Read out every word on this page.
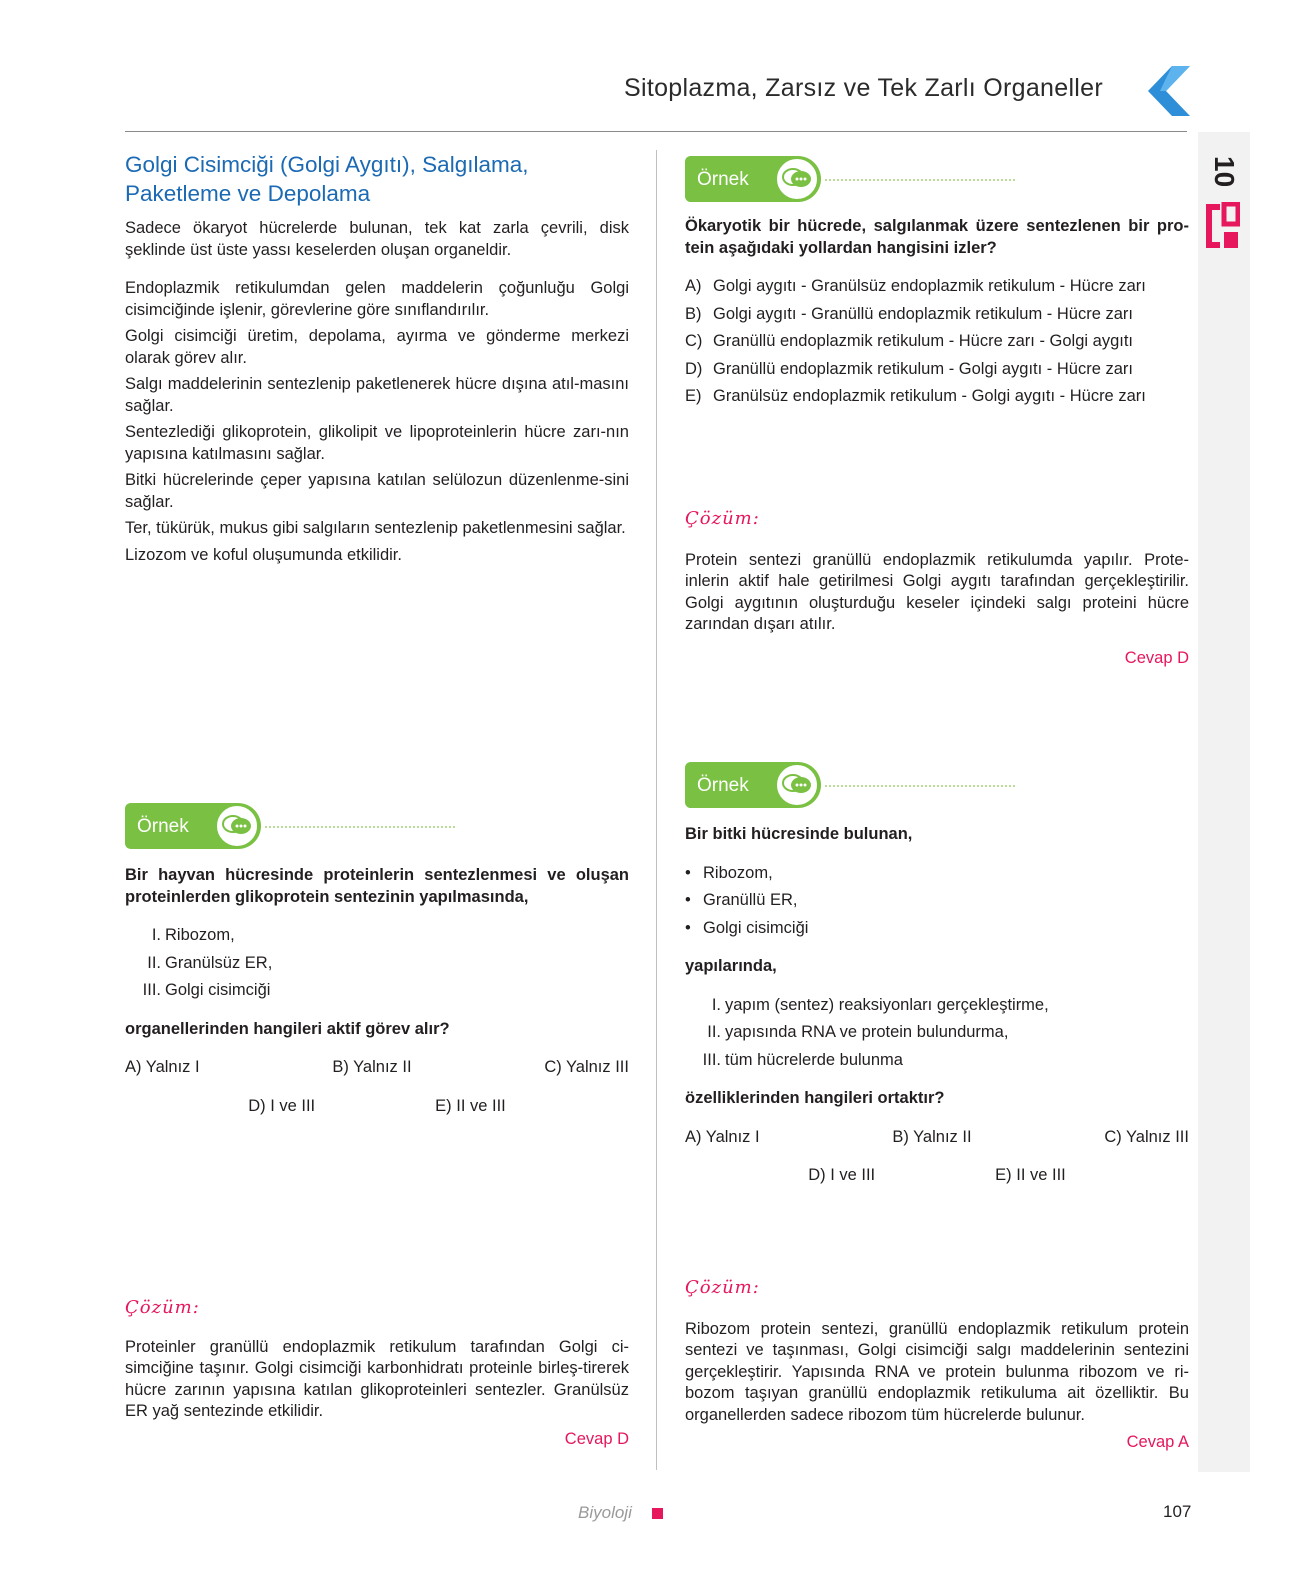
Sitoplazma, Zarsız ve Tek Zarlı Organeller
10
Golgi Cisimciği (Golgi Aygıtı), Salgılama,
Paketleme ve Depolama

Sadece ökaryot hücrelerde bulunan, tek kat zarla çevrili, disk şeklinde üst üste yassı keselerden oluşan organeldir.

Endoplazmik retikulumdan gelen maddelerin çoğunluğu Golgi cisimciğinde işlenir, görevlerine göre sınıflandırılır.

Golgi cisimciği üretim, depolama, ayırma ve gönderme merkezi olarak görev alır.

Salgı maddelerinin sentezlenip paketlenerek hücre dışına atıl-masını sağlar.

Sentezlediği glikoprotein, glikolipit ve lipoproteinlerin hücre zarı-nın yapısına katılmasını sağlar.

Bitki hücrelerinde çeper yapısına katılan selülozun düzenlenme-sini sağlar.

Ter, tükürük, mukus gibi salgıların sentezlenip paketlenmesini sağlar.

Lizozom ve koful oluşumunda etkilidir.

Örnek

Bir hayvan hücresinde proteinlerin sentezlenmesi ve oluşan proteinlerden glikoprotein sentezinin yapılmasında,

I. Ribozom,
II. Granülsüz ER,
III. Golgi cisimciği

organellerinden hangileri aktif görev alır?

A) Yalnız I	B) Yalnız II	C) Yalnız III
D) I ve III	E) II ve III
Çözüm:

Proteinler granüllü endoplazmik retikulum tarafından Golgi ci-simciğine taşınır. Golgi cisimciği karbonhidratı proteinle birleş-tirerek hücre zarının yapısına katılan glikoproteinleri sentezler. Granülsüz ER yağ sentezinde etkilidir.

Cevap D
Örnek

Ökaryotik bir hücrede, salgılanmak üzere sentezlenen bir pro-tein aşağıdaki yollardan hangisini izler?

A) Golgi aygıtı - Granülsüz endoplazmik retikulum - Hücre zarı
B) Golgi aygıtı - Granüllü endoplazmik retikulum - Hücre zarı
C) Granüllü endoplazmik retikulum - Hücre zarı - Golgi aygıtı
D) Granüllü endoplazmik retikulum - Golgi aygıtı - Hücre zarı
E) Granülsüz endoplazmik retikulum - Golgi aygıtı - Hücre zarı
Çözüm:

Protein sentezi granüllü endoplazmik retikulumda yapılır. Prote-inlerin aktif hale getirilmesi Golgi aygıtı tarafından gerçekleştirilir. Golgi aygıtının oluşturduğu keseler içindeki salgı proteini hücre zarından dışarı atılır.

Cevap D
Örnek

Bir bitki hücresinde bulunan,

• Ribozom,
• Granüllü ER,
• Golgi cisimciği

yapılarında,

I. yapım (sentez) reaksiyonları gerçekleştirme,
II. yapısında RNA ve protein bulundurma,
III. tüm hücrelerde bulunma

özelliklerinden hangileri ortaktır?

A) Yalnız I	B) Yalnız II	C) Yalnız III
D) I ve III	E) II ve III
Çözüm:

Ribozom protein sentezi, granüllü endoplazmik retikulum protein sentezi ve taşınması, Golgi cisimciği salgı maddelerinin sentezini gerçekleştirir. Yapısında RNA ve protein bulunma ribozom ve ri-bozom taşıyan granüllü endoplazmik retikuluma ait özelliktir. Bu organellerden sadece ribozom tüm hücrelerde bulunur.

Cevap A
Biyoloji	107
